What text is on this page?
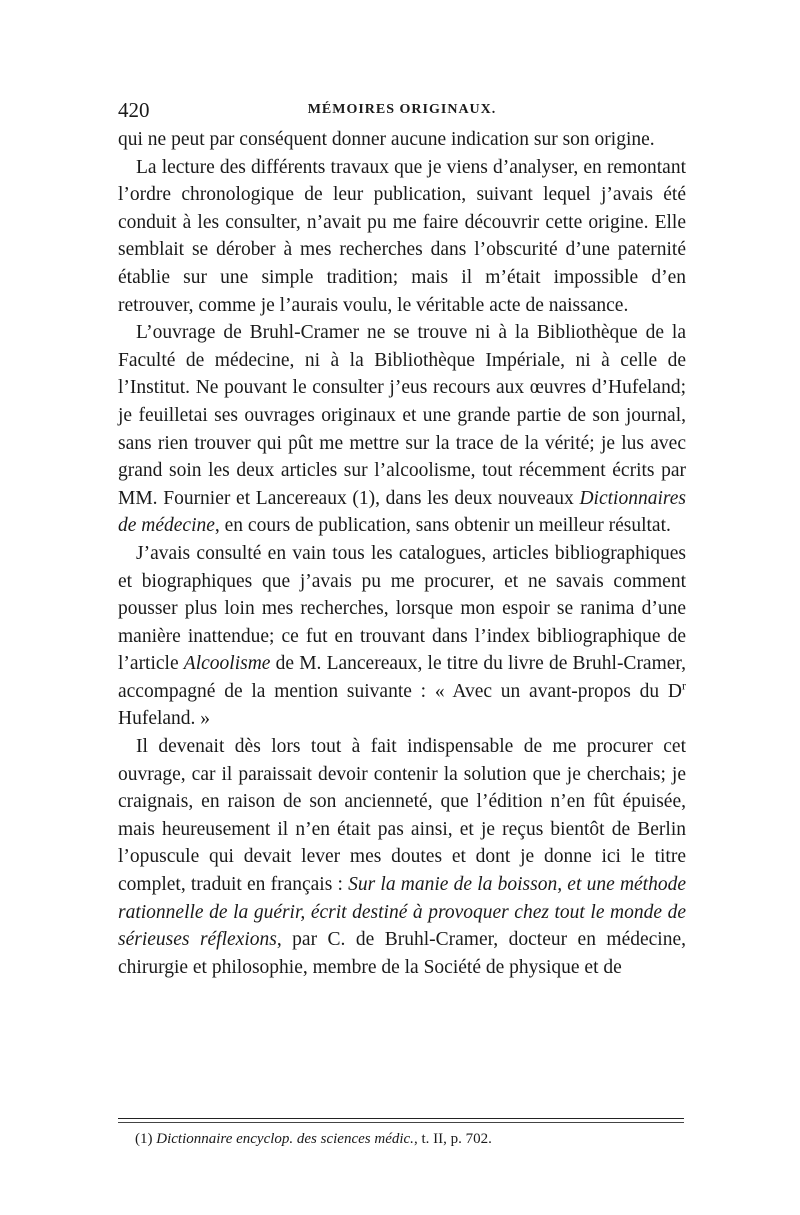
420	MÉMOIRES ORIGINAUX.

qui ne peut par conséquent donner aucune indication sur son origine.

La lecture des différents travaux que je viens d’analyser, en remontant l’ordre chronologique de leur publication, suivant lequel j’avais été conduit à les consulter, n’avait pu me faire découvrir cette origine. Elle semblait se dérober à mes recherches dans l’obscurité d’une paternité établie sur une simple tradition; mais il m’était impossible d’en retrouver, comme je l’aurais voulu, le véritable acte de naissance.

L’ouvrage de Bruhl-Cramer ne se trouve ni à la Bibliothèque de la Faculté de médecine, ni à la Bibliothèque Impériale, ni à celle de l’Institut. Ne pouvant le consulter j’eus recours aux œuvres d’Hufeland; je feuilletai ses ouvrages originaux et une grande partie de son journal, sans rien trouver qui pût me mettre sur la trace de la vérité; je lus avec grand soin les deux articles sur l’alcoolisme, tout récemment écrits par MM. Fournier et Lancereaux (1), dans les deux nouveaux Dictionnaires de médecine, en cours de publication, sans obtenir un meilleur résultat.

J’avais consulté en vain tous les catalogues, articles bibliographiques et biographiques que j’avais pu me procurer, et ne savais comment pousser plus loin mes recherches, lorsque mon espoir se ranima d’une manière inattendue; ce fut en trouvant dans l’index bibliographique de l’article Alcoolisme de M. Lancereaux, le titre du livre de Bruhl-Cramer, accompagné de la mention suivante : « Avec un avant-propos du $D^r$ Hufeland. »

Il devenait dès lors tout à fait indispensable de me procurer cet ouvrage, car il paraissait devoir contenir la solution que je cherchais; je craignais, en raison de son ancienneté, que l’édition n’en fût épuisée, mais heureusement il n’en était pas ainsi, et je reçus bientôt de Berlin l’opuscule qui devait lever mes doutes et dont je donne ici le titre complet, traduit en français : Sur la manie de la boisson, et une méthode rationnelle de la guérir, écrit destiné à provoquer chez tout le monde de sérieuses réflexions, par C. de Bruhl-Cramer, docteur en médecine, chirurgie et philosophie, membre de la Société de physique et de

(1) Dictionnaire encyclop. des sciences médic., t. II, p. 702.
